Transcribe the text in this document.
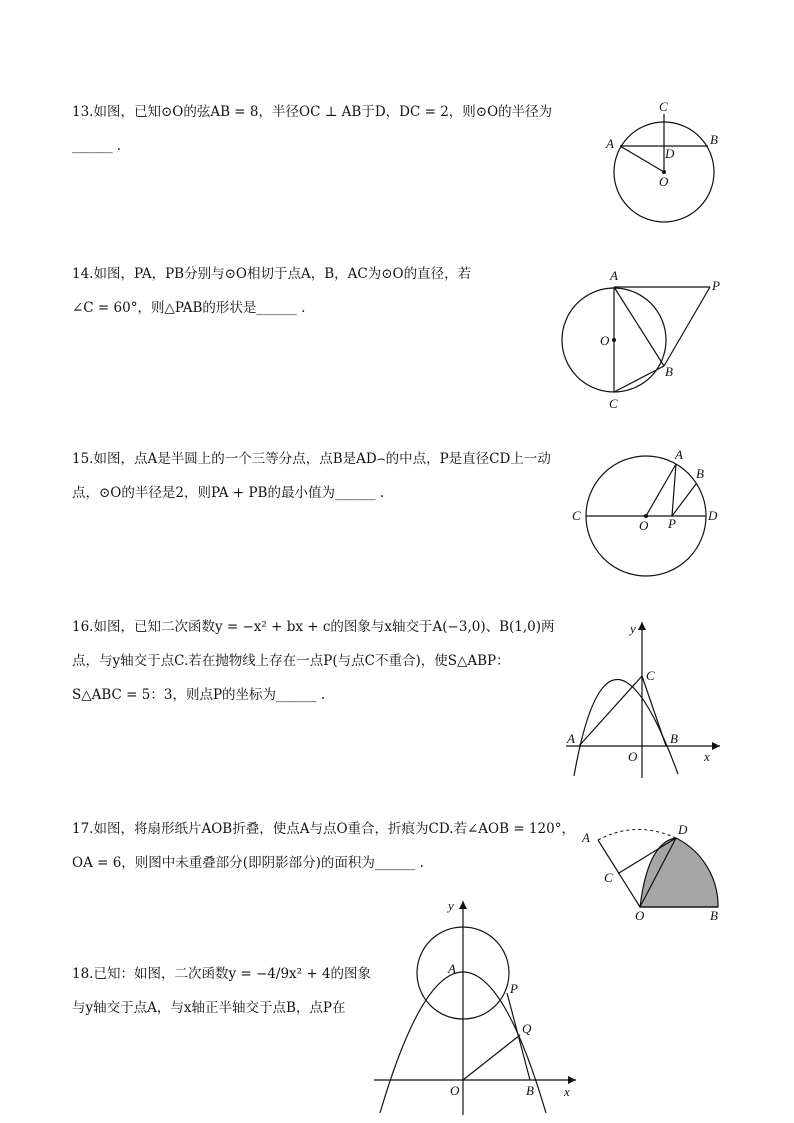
13.如图，已知⊙O的弦AB = 8，半径OC ⊥ AB于D，DC = 2，则⊙O的半径为
______ .
C
B
A
D
O
14.如图，PA，PB分别与⊙O相切于点A，B，AC为⊙O的直径，若
∠C = 60°，则△PAB的形状是______ .
A
P
O
B
C
15.如图，点A是半圆上的一个三等分点，点B是AD⌢的中点，P是直径CD上一动
点，⊙O的半径是2，则PA + PB的最小值为______ .
C	D
O P
A
B
16.如图，已知二次函数y = −x² + bx + c的图象与x轴交于A(−3,0)、B(1,0)两
点，与y轴交于点C.若在抛物线上存在一点P(与点C不重合)，使S△ABP：
S△ABC = 5：3，则点P的坐标为______ .
A	B
C
O	x
y
17.如图，将扇形纸片AOB折叠，使点A与点O重合，折痕为CD.若∠AOB = 120°，
OA = 6，则图中未重叠部分(即阴影部分)的面积为______ .
A
D
C
O	B
18.已知：如图，二次函数y = −4/9x² + 4的图象
与y轴交于点A，与x轴正半轴交于点B，点P在
A
P
Q
O	B x
y
